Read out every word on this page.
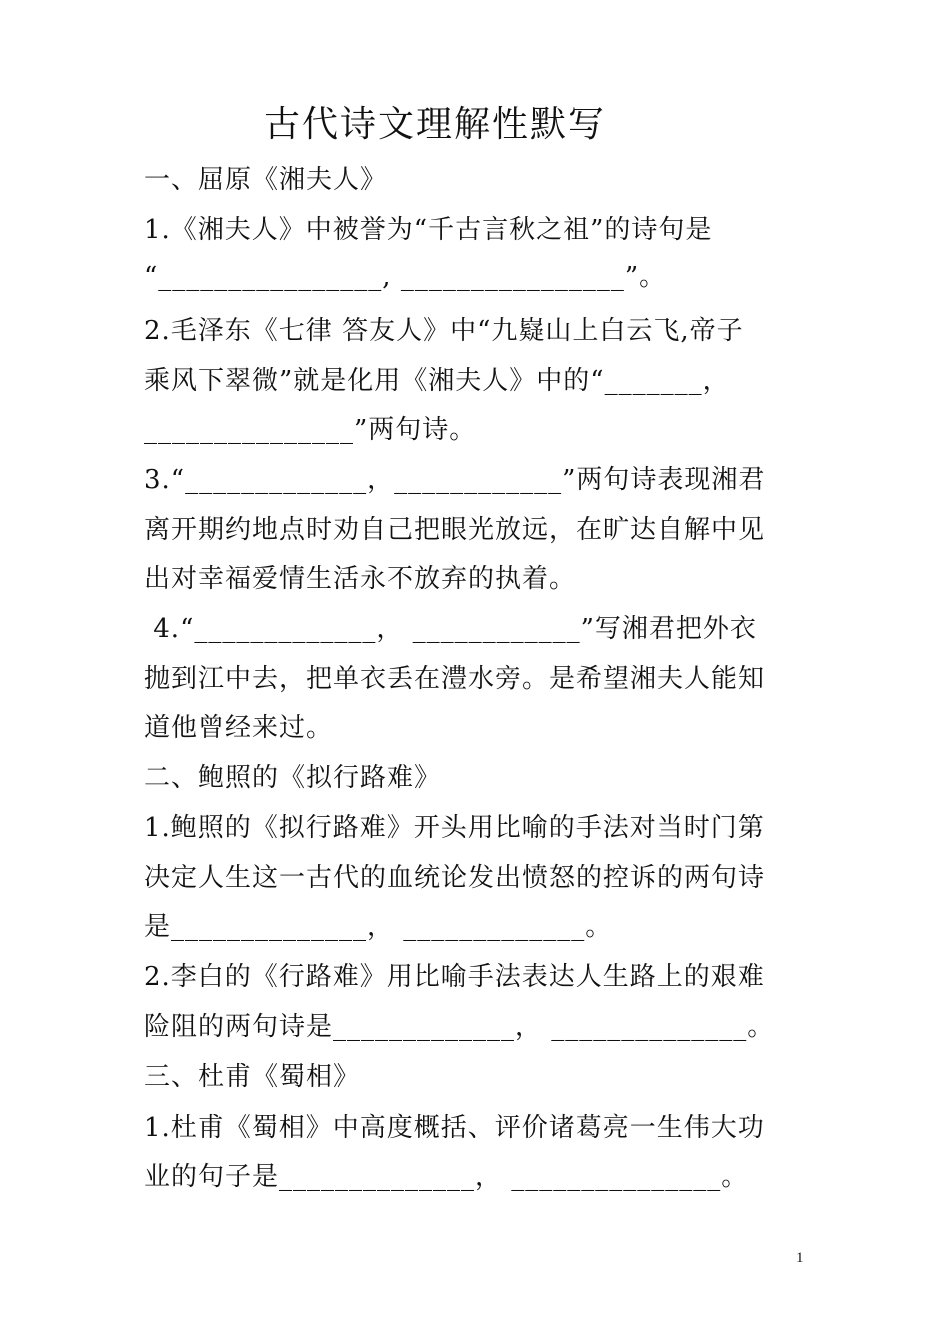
古代诗文理解性默写
一、屈原《湘夫人》
1.《湘夫人》中被誉为“千古言秋之祖”的诗句是
“________________, ________________”。
2.毛泽东《七律 答友人》中“九嶷山上白云飞,帝子
乘风下翠微”就是化用《湘夫人》中的“_______，
_______________”两句诗。
3.“_____________，____________”两句诗表现湘君
离开期约地点时劝自己把眼光放远，在旷达自解中见
出对幸福爱情生活永不放弃的执着。
4.“_____________， ____________”写湘君把外衣
抛到江中去，把单衣丢在澧水旁。是希望湘夫人能知
道他曾经来过。
二、鲍照的《拟行路难》
1.鲍照的《拟行路难》开头用比喻的手法对当时门第
决定人生这一古代的血统论发出愤怒的控诉的两句诗
是______________， _____________。
2.李白的《行路难》用比喻手法表达人生路上的艰难
险阻的两句诗是_____________， ______________。
三、杜甫《蜀相》
1.杜甫《蜀相》中高度概括、评价诸葛亮一生伟大功
业的句子是______________， _______________。
1
